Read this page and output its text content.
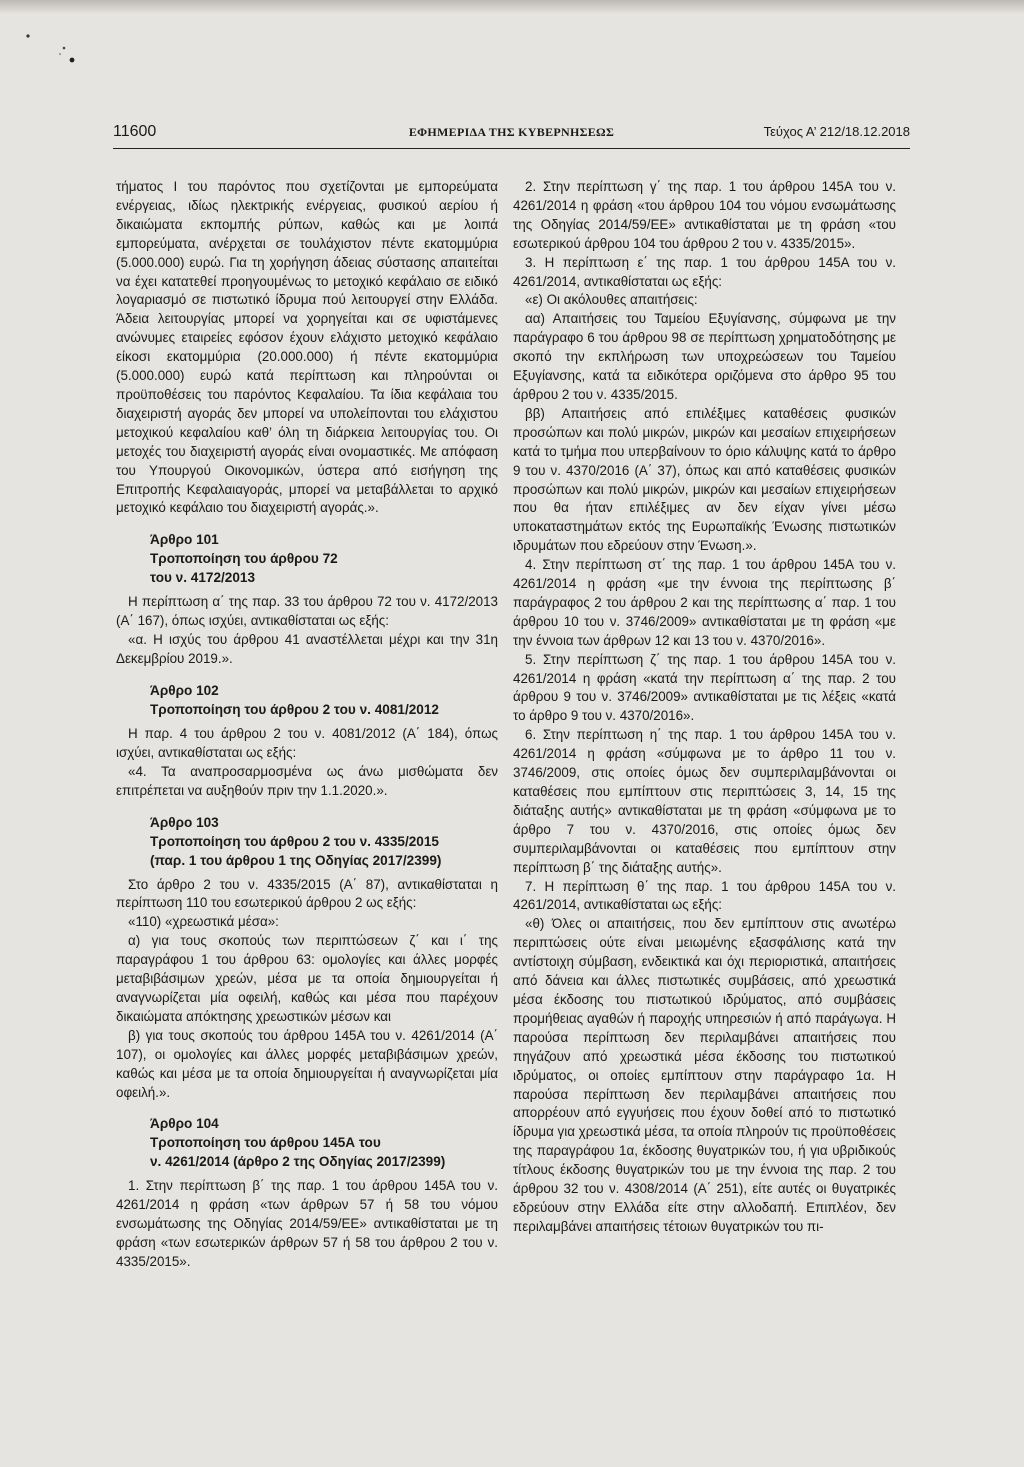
11600	ΕΦΗΜΕΡΙΔΑ ΤΗΣ ΚΥΒΕΡΝΗΣΕΩΣ	Τεύχος Α’ 212/18.12.2018

τήματος Ι του παρόντος που σχετίζονται με εμπορεύματα ενέργειας, ιδίως ηλεκτρικής ενέργειας, φυσικού αερίου ή δικαιώματα εκπομπής ρύπων, καθώς και με λοιπά εμπορεύματα, ανέρχεται σε τουλάχιστον πέντε εκατομμύρια (5.000.000) ευρώ. Για τη χορήγηση άδειας σύστασης απαιτείται να έχει κατατεθεί προηγουμένως το μετοχικό κεφάλαιο σε ειδικό λογαριασμό σε πιστωτικό ίδρυμα πού λειτουργεί στην Ελλάδα. Άδεια λειτουργίας μπορεί να χορηγείται και σε υφιστάμενες ανώνυμες εταιρείες εφόσον έχουν ελάχιστο μετοχικό κεφάλαιο είκοσι εκατομμύρια (20.000.000) ή πέντε εκατομμύρια (5.000.000) ευρώ κατά περίπτωση και πληρούνται οι προϋποθέσεις του παρόντος Κεφαλαίου. Τα ίδια κεφάλαια του διαχειριστή αγοράς δεν μπορεί να υπολείπονται του ελάχιστου μετοχικού κεφαλαίου καθ’ όλη τη διάρκεια λειτουργίας του. Οι μετοχές του διαχειριστή αγοράς είναι ονομαστικές. Με απόφαση του Υπουργού Οικονομικών, ύστερα από εισήγηση της Επιτροπής Κεφαλαιαγοράς, μπορεί να μεταβάλλεται το αρχικό μετοχικό κεφάλαιο του διαχειριστή αγοράς.».

Άρθρο 101
Τροποποίηση του άρθρου 72
του ν. 4172/2013

Η περίπτωση α΄ της παρ. 33 του άρθρου 72 του ν. 4172/2013 (Α΄ 167), όπως ισχύει, αντικαθίσταται ως εξής:

«α. Η ισχύς του άρθρου 41 αναστέλλεται μέχρι και την 31η Δεκεμβρίου 2019.».

Άρθρο 102
Τροποποίηση του άρθρου 2 του ν. 4081/2012

Η παρ. 4 του άρθρου 2 του ν. 4081/2012 (Α΄ 184), όπως ισχύει, αντικαθίσταται ως εξής:

«4. Τα αναπροσαρμοσμένα ως άνω μισθώματα δεν επιτρέπεται να αυξηθούν πριν την 1.1.2020.».

Άρθρο 103
Τροποποίηση του άρθρου 2 του ν. 4335/2015
(παρ. 1 του άρθρου 1 της Οδηγίας 2017/2399)

Στο άρθρο 2 του ν. 4335/2015 (Α΄ 87), αντικαθίσταται η περίπτωση 110 του εσωτερικού άρθρου 2 ως εξής:

«110) «χρεωστικά μέσα»:

α) για τους σκοπούς των περιπτώσεων ζ΄ και ι΄ της παραγράφου 1 του άρθρου 63: ομολογίες και άλλες μορφές μεταβιβάσιμων χρεών, μέσα με τα οποία δημιουργείται ή αναγνωρίζεται μία οφειλή, καθώς και μέσα που παρέχουν δικαιώματα απόκτησης χρεωστικών μέσων και

β) για τους σκοπούς του άρθρου 145Α του ν. 4261/2014 (Α΄ 107), οι ομολογίες και άλλες μορφές μεταβιβάσιμων χρεών, καθώς και μέσα με τα οποία δημιουργείται ή αναγνωρίζεται μία οφειλή.».

Άρθρο 104
Τροποποίηση του άρθρου 145Α του
ν. 4261/2014 (άρθρο 2 της Οδηγίας 2017/2399)

1. Στην περίπτωση β΄ της παρ. 1 του άρθρου 145Α του ν. 4261/2014 η φράση «των άρθρων 57 ή 58 του νόμου ενσωμάτωσης της Οδηγίας 2014/59/ΕΕ» αντικαθίσταται με τη φράση «των εσωτερικών άρθρων 57 ή 58 του άρθρου 2 του ν. 4335/2015».

2. Στην περίπτωση γ΄ της παρ. 1 του άρθρου 145Α του ν. 4261/2014 η φράση «του άρθρου 104 του νόμου ενσωμάτωσης της Οδηγίας 2014/59/ΕΕ» αντικαθίσταται με τη φράση «του εσωτερικού άρθρου 104 του άρθρου 2 του ν. 4335/2015».

3. Η περίπτωση ε΄ της παρ. 1 του άρθρου 145Α του ν. 4261/2014, αντικαθίσταται ως εξής:

«ε) Οι ακόλουθες απαιτήσεις:

αα) Απαιτήσεις του Ταμείου Εξυγίανσης, σύμφωνα με την παράγραφο 6 του άρθρου 98 σε περίπτωση χρηματοδότησης με σκοπό την εκπλήρωση των υποχρεώσεων του Ταμείου Εξυγίανσης, κατά τα ειδικότερα οριζόμενα στο άρθρο 95 του άρθρου 2 του ν. 4335/2015.

ββ) Απαιτήσεις από επιλέξιμες καταθέσεις φυσικών προσώπων και πολύ μικρών, μικρών και μεσαίων επιχειρήσεων κατά το τμήμα που υπερβαίνουν το όριο κάλυψης κατά το άρθρο 9 του ν. 4370/2016 (Α΄ 37), όπως και από καταθέσεις φυσικών προσώπων και πολύ μικρών, μικρών και μεσαίων επιχειρήσεων που θα ήταν επιλέξιμες αν δεν είχαν γίνει μέσω υποκαταστημάτων εκτός της Ευρωπαϊκής Ένωσης πιστωτικών ιδρυμάτων που εδρεύουν στην Ένωση.».

4. Στην περίπτωση στ΄ της παρ. 1 του άρθρου 145Α του ν. 4261/2014 η φράση «με την έννοια της περίπτωσης β΄ παράγραφος 2 του άρθρου 2 και της περίπτωσης α΄ παρ. 1 του άρθρου 10 του ν. 3746/2009» αντικαθίσταται με τη φράση «με την έννοια των άρθρων 12 και 13 του ν. 4370/2016».

5. Στην περίπτωση ζ΄ της παρ. 1 του άρθρου 145Α του ν. 4261/2014 η φράση «κατά την περίπτωση α΄ της παρ. 2 του άρθρου 9 του ν. 3746/2009» αντικαθίσταται με τις λέξεις «κατά το άρθρο 9 του ν. 4370/2016».

6. Στην περίπτωση η΄ της παρ. 1 του άρθρου 145Α του ν. 4261/2014 η φράση «σύμφωνα με το άρθρο 11 του ν. 3746/2009, στις οποίες όμως δεν συμπεριλαμβάνονται οι καταθέσεις που εμπίπτουν στις περιπτώσεις 3, 14, 15 της διάταξης αυτής» αντικαθίσταται με τη φράση «σύμφωνα με το άρθρο 7 του ν. 4370/2016, στις οποίες όμως δεν συμπεριλαμβάνονται οι καταθέσεις που εμπίπτουν στην περίπτωση β΄ της διάταξης αυτής».

7. Η περίπτωση θ΄ της παρ. 1 του άρθρου 145Α του ν. 4261/2014, αντικαθίσταται ως εξής:

«θ) Όλες οι απαιτήσεις, που δεν εμπίπτουν στις ανωτέρω περιπτώσεις ούτε είναι μειωμένης εξασφάλισης κατά την αντίστοιχη σύμβαση, ενδεικτικά και όχι περιοριστικά, απαιτήσεις από δάνεια και άλλες πιστωτικές συμβάσεις, από χρεωστικά μέσα έκδοσης του πιστωτικού ιδρύματος, από συμβάσεις προμήθειας αγαθών ή παροχής υπηρεσιών ή από παράγωγα. Η παρούσα περίπτωση δεν περιλαμβάνει απαιτήσεις που πηγάζουν από χρεωστικά μέσα έκδοσης του πιστωτικού ιδρύματος, οι οποίες εμπίπτουν στην παράγραφο 1α. Η παρούσα περίπτωση δεν περιλαμβάνει απαιτήσεις που απορρέουν από εγγυήσεις που έχουν δοθεί από το πιστωτικό ίδρυμα για χρεωστικά μέσα, τα οποία πληρούν τις προϋποθέσεις της παραγράφου 1α, έκδοσης θυγατρικών του, ή για υβριδικούς τίτλους έκδοσης θυγατρικών του με την έννοια της παρ. 2 του άρθρου 32 του ν. 4308/2014 (Α΄ 251), είτε αυτές οι θυγατρικές εδρεύουν στην Ελλάδα είτε στην αλλοδαπή. Επιπλέον, δεν περιλαμβάνει απαιτήσεις τέτοιων θυγατρικών του πι-
